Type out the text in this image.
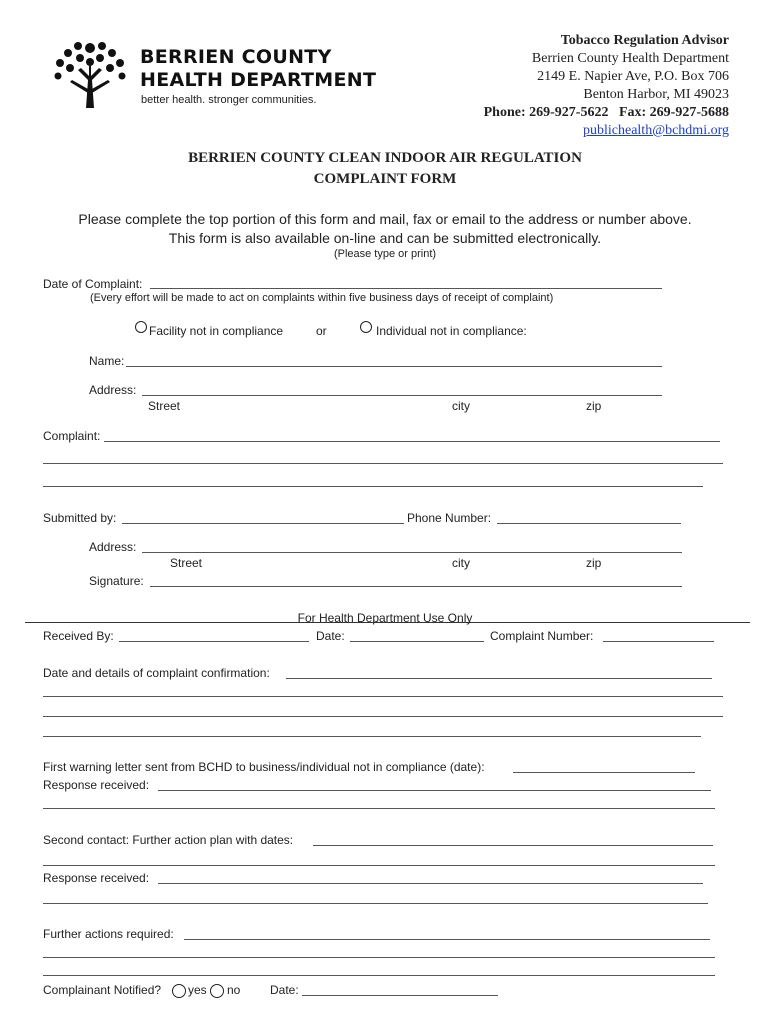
BERRIEN COUNTY
HEALTH DEPARTMENT
better health. stronger communities.
Tobacco Regulation Advisor
Berrien County Health Department
2149 E. Napier Ave, P.O. Box 706
Benton Harbor, MI 49023
Phone: 269-927-5622   Fax: 269-927-5688
publichealth@bchdmi.org
BERRIEN COUNTY CLEAN INDOOR AIR REGULATION
COMPLAINT FORM
Please complete the top portion of this form and mail, fax or email to the address or number above.
This form is also available on-line and can be submitted electronically.
(Please type or print)
Date of Complaint:
(Every effort will be made to act on complaints within five business days of receipt of complaint)
Facility not in compliance	or	Individual not in compliance:
Name:
Address:
Street	city	zip
Complaint:
Submitted by:	Phone Number:
Address:
Street	city	zip
Signature:
For Health Department Use Only
Received By:	Date:	Complaint Number:
Date and details of complaint confirmation:
First warning letter sent from BCHD to business/individual not in compliance (date):
Response received:
Second contact: Further action plan with dates:
Response received:
Further actions required:
Complainant Notified? yes no Date:
